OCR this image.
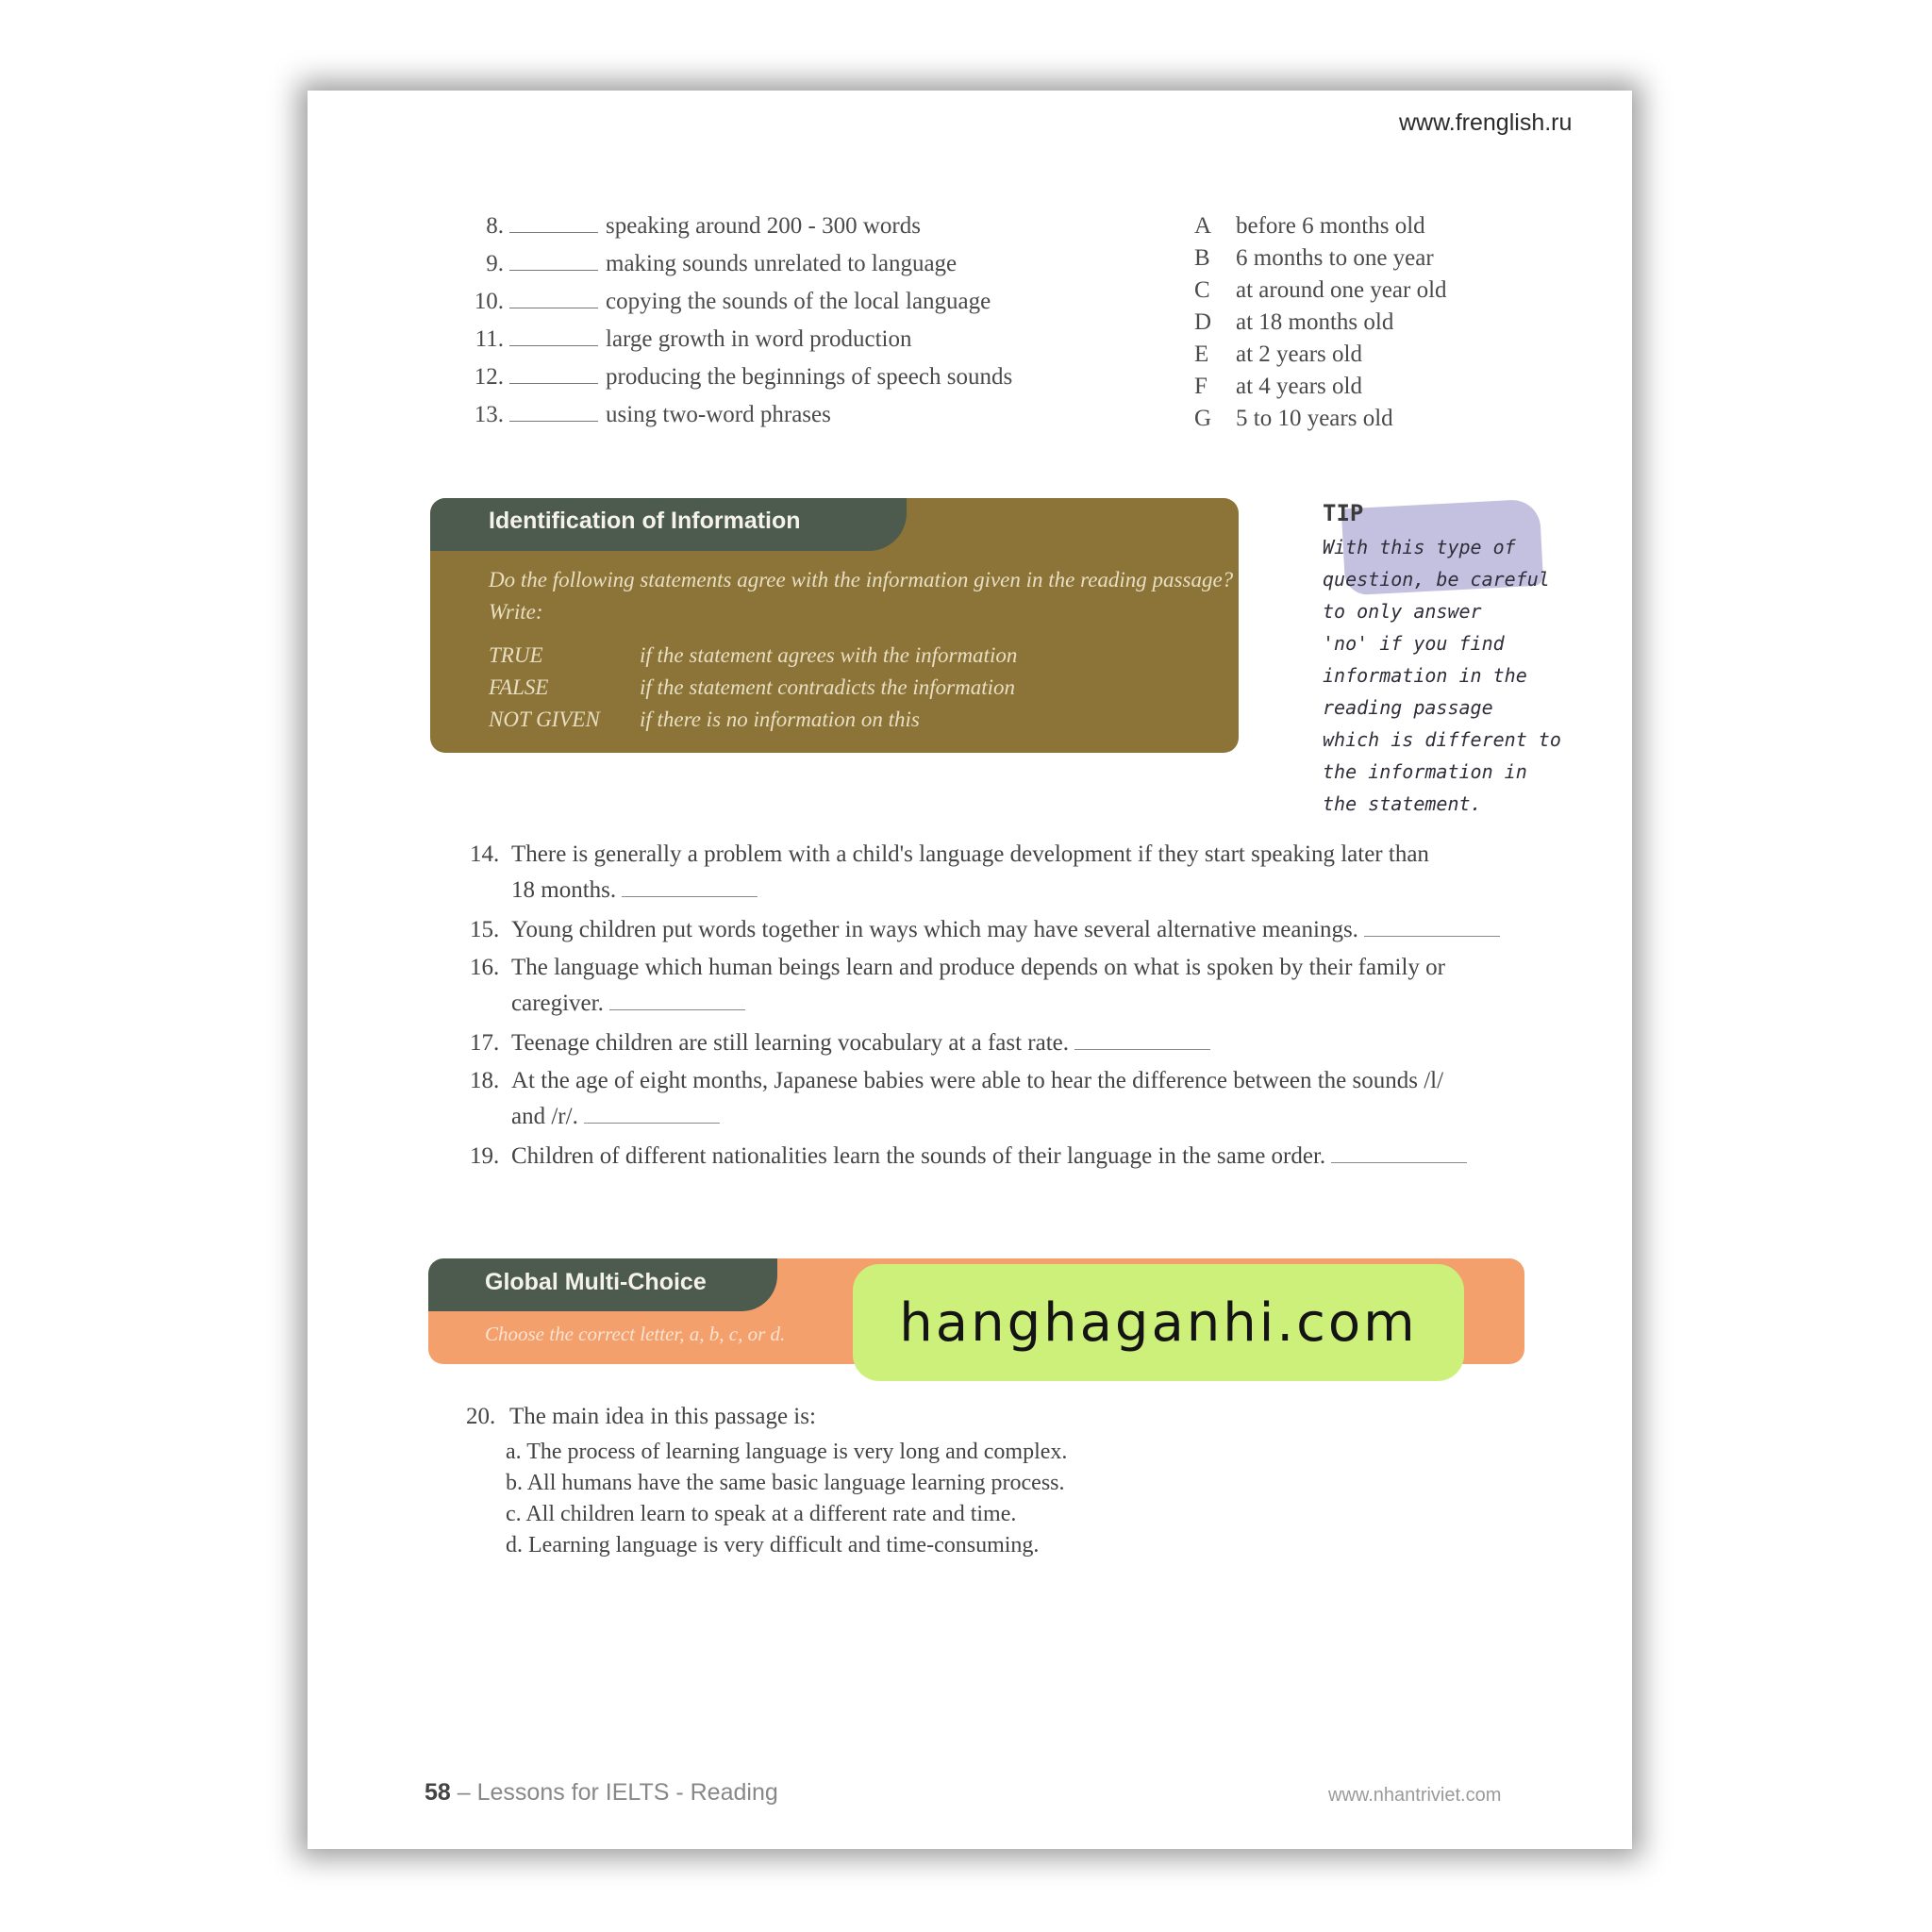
www.frenglish.ru
8.	speaking around 200 - 300 words
9.	making sounds unrelated to language
10.	copying the sounds of the local language
11.	large growth in word production
12.	producing the beginnings of speech sounds
13.	using two-word phrases
A before 6 months old
B 6 months to one year
C at around one year old
D at 18 months old
E at 2 years old
F at 4 years old
G 5 to 10 years old
Identification of Information
Do the following statements agree with the information given in the reading passage?
Write:
TRUE	if the statement agrees with the information
FALSE	if the statement contradicts the information
NOT GIVEN if there is no information on this
TIP
With this type of
question, be careful
to only answer
'no' if you find
information in the
reading passage
which is different to
the information in
the statement.
14. There is generally a problem with a child's language development if they start speaking later than
18 months.
15. Young children put words together in ways which may have several alternative meanings.
16. The language which human beings learn and produce depends on what is spoken by their family or
caregiver.
17. Teenage children are still learning vocabulary at a fast rate.
18. At the age of eight months, Japanese babies were able to hear the difference between the sounds /l/
and /r/.
19. Children of different nationalities learn the sounds of their language in the same order.
Global Multi-Choice
Choose the correct letter, a, b, c, or d.	hanghaganhi.com
20. The main idea in this passage is:
a. The process of learning language is very long and complex.
b. All humans have the same basic language learning process.
c. All children learn to speak at a different rate and time.
d. Learning language is very difficult and time-consuming.
58 – Lessons for IELTS - Reading	www.nhantriviet.com
